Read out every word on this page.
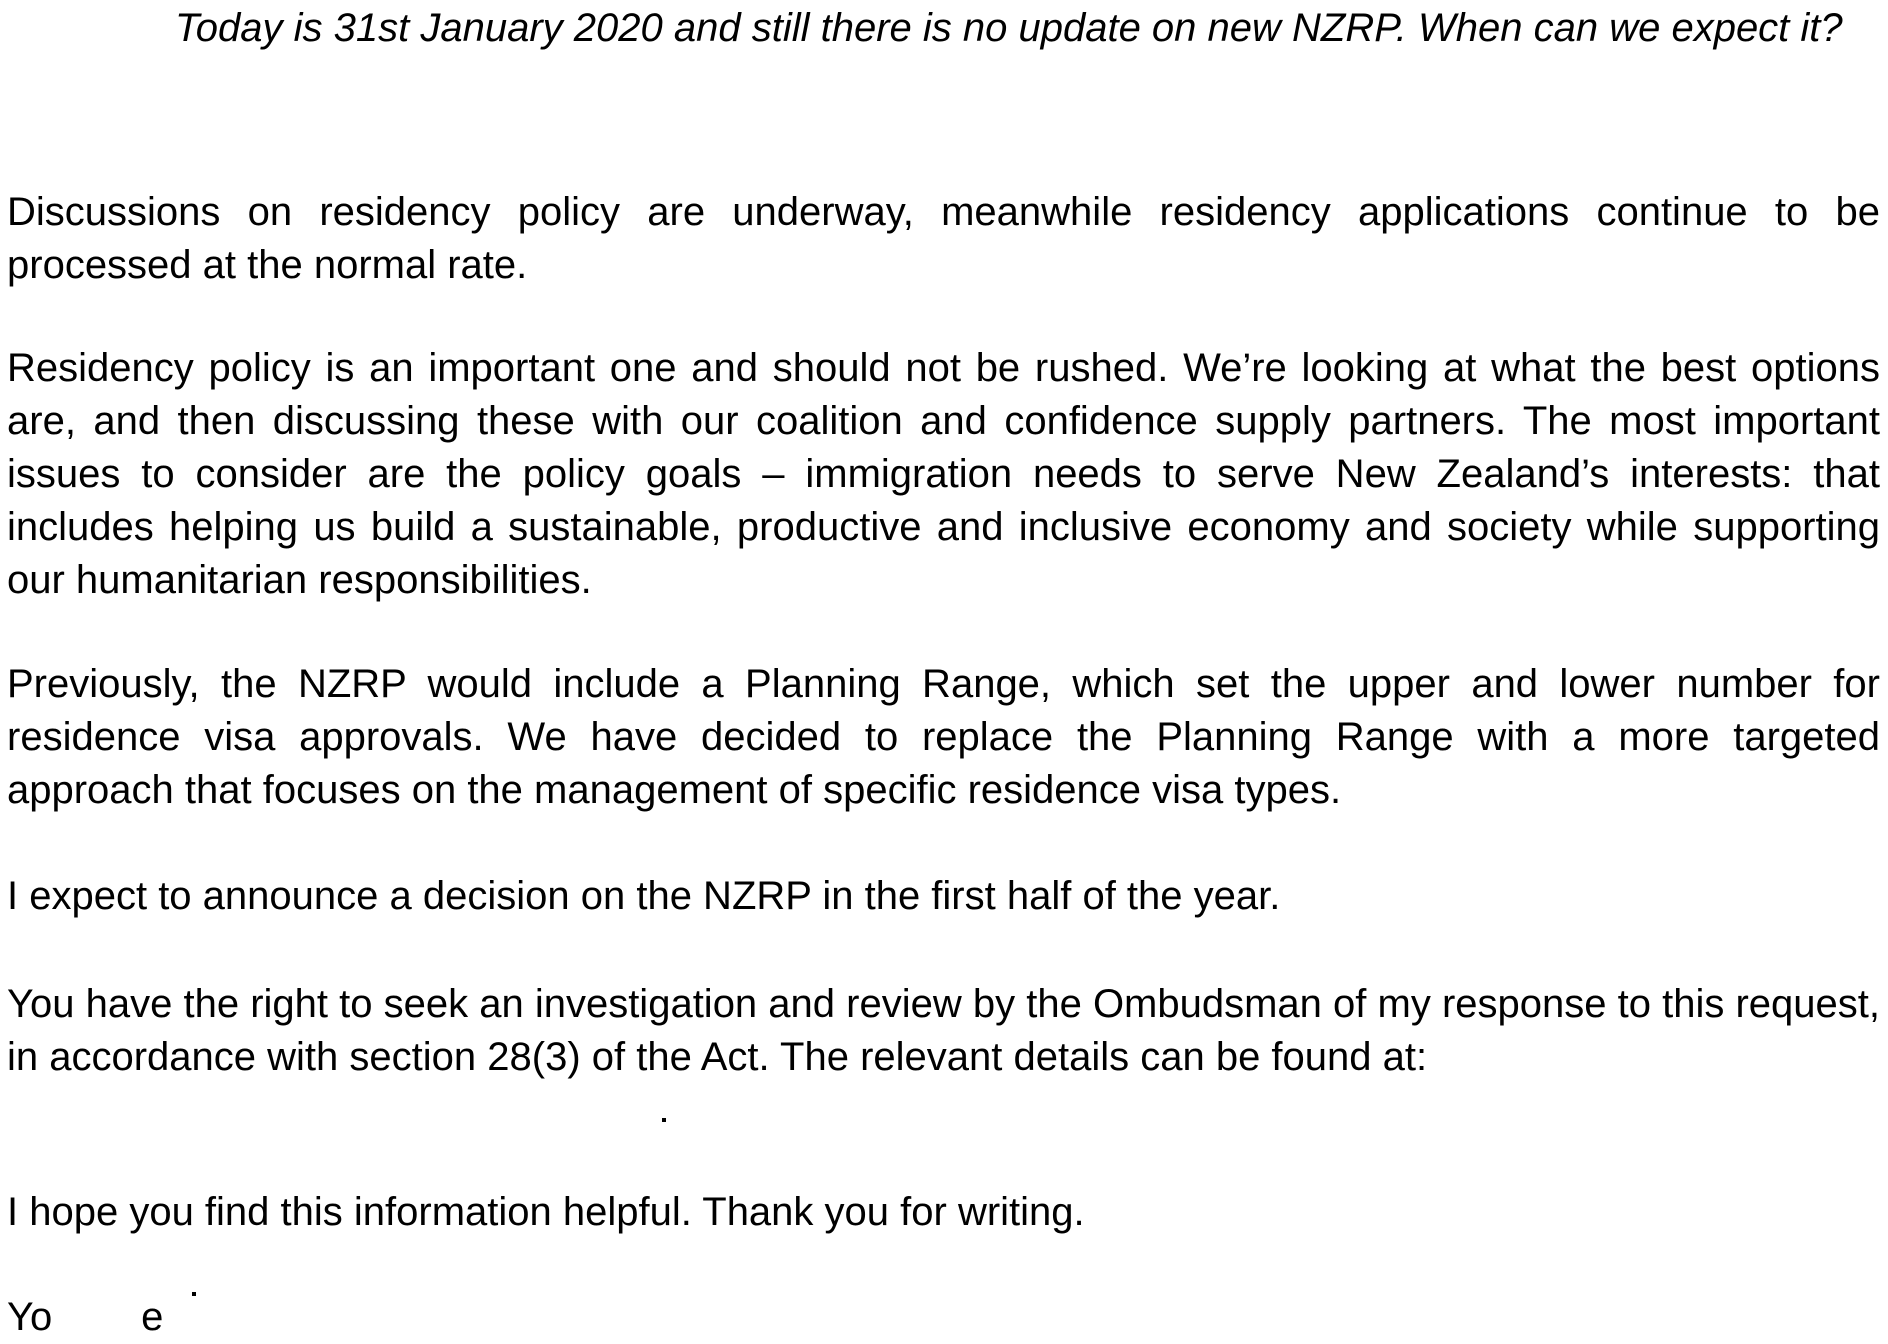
Today is 31st January 2020 and still there is no update on new NZRP. When can we expect it?

Discussions on residency policy are underway, meanwhile residency applications continue to be processed at the normal rate.

Residency policy is an important one and should not be rushed. We’re looking at what the best options are, and then discussing these with our coalition and confidence supply partners. The most important issues to consider are the policy goals – immigration needs to serve New Zealand’s interests: that includes helping us build a sustainable, productive and inclusive economy and society while supporting our humanitarian responsibilities.

Previously, the NZRP would include a Planning Range, which set the upper and lower number for residence visa approvals. We have decided to replace the Planning Range with a more targeted approach that focuses on the management of specific residence visa types.

I expect to announce a decision on the NZRP in the first half of the year.

You have the right to seek an investigation and review by the Ombudsman of my response to this request, in accordance with section 28(3) of the Act. The relevant details can be found at:

I hope you find this information helpful. Thank you for writing.

Yo        e
